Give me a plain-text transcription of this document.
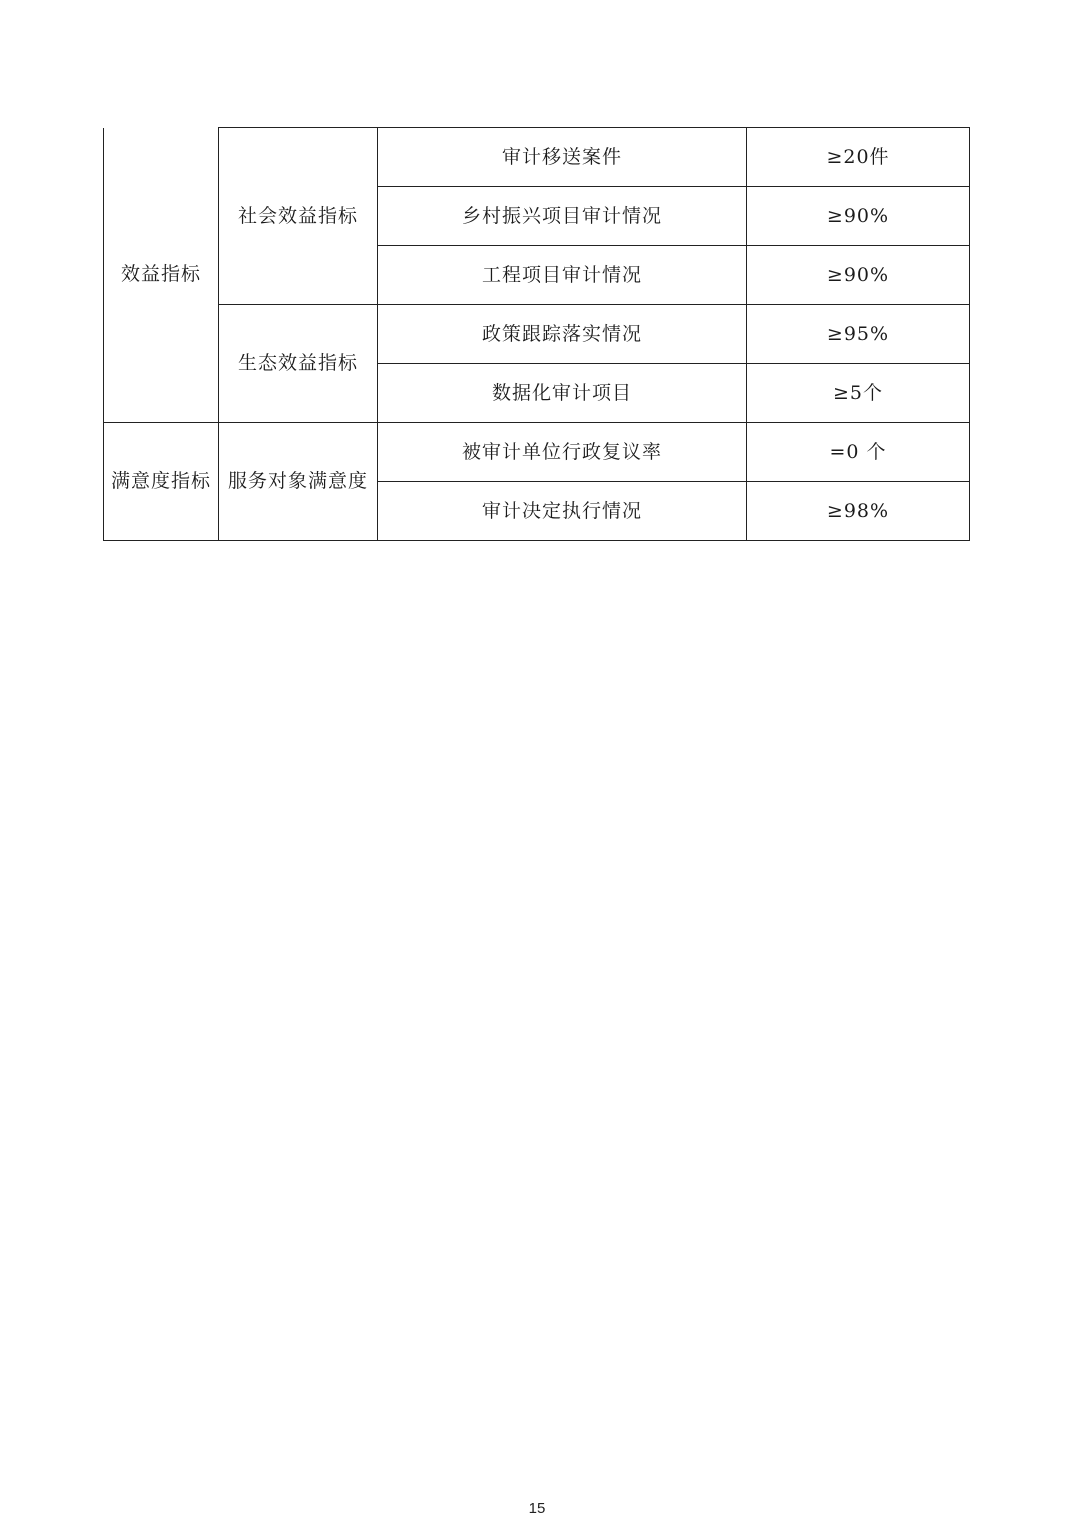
效益指标	社会效益指标	审计移送案件	≥20件
		乡村振兴项目审计情况	≥90%
		工程项目审计情况	≥90%
	生态效益指标	政策跟踪落实情况	≥95%
		数据化审计项目	≥5个
满意度指标	服务对象满意度	被审计单位行政复议率	=0 个
		审计决定执行情况	≥98%
15
